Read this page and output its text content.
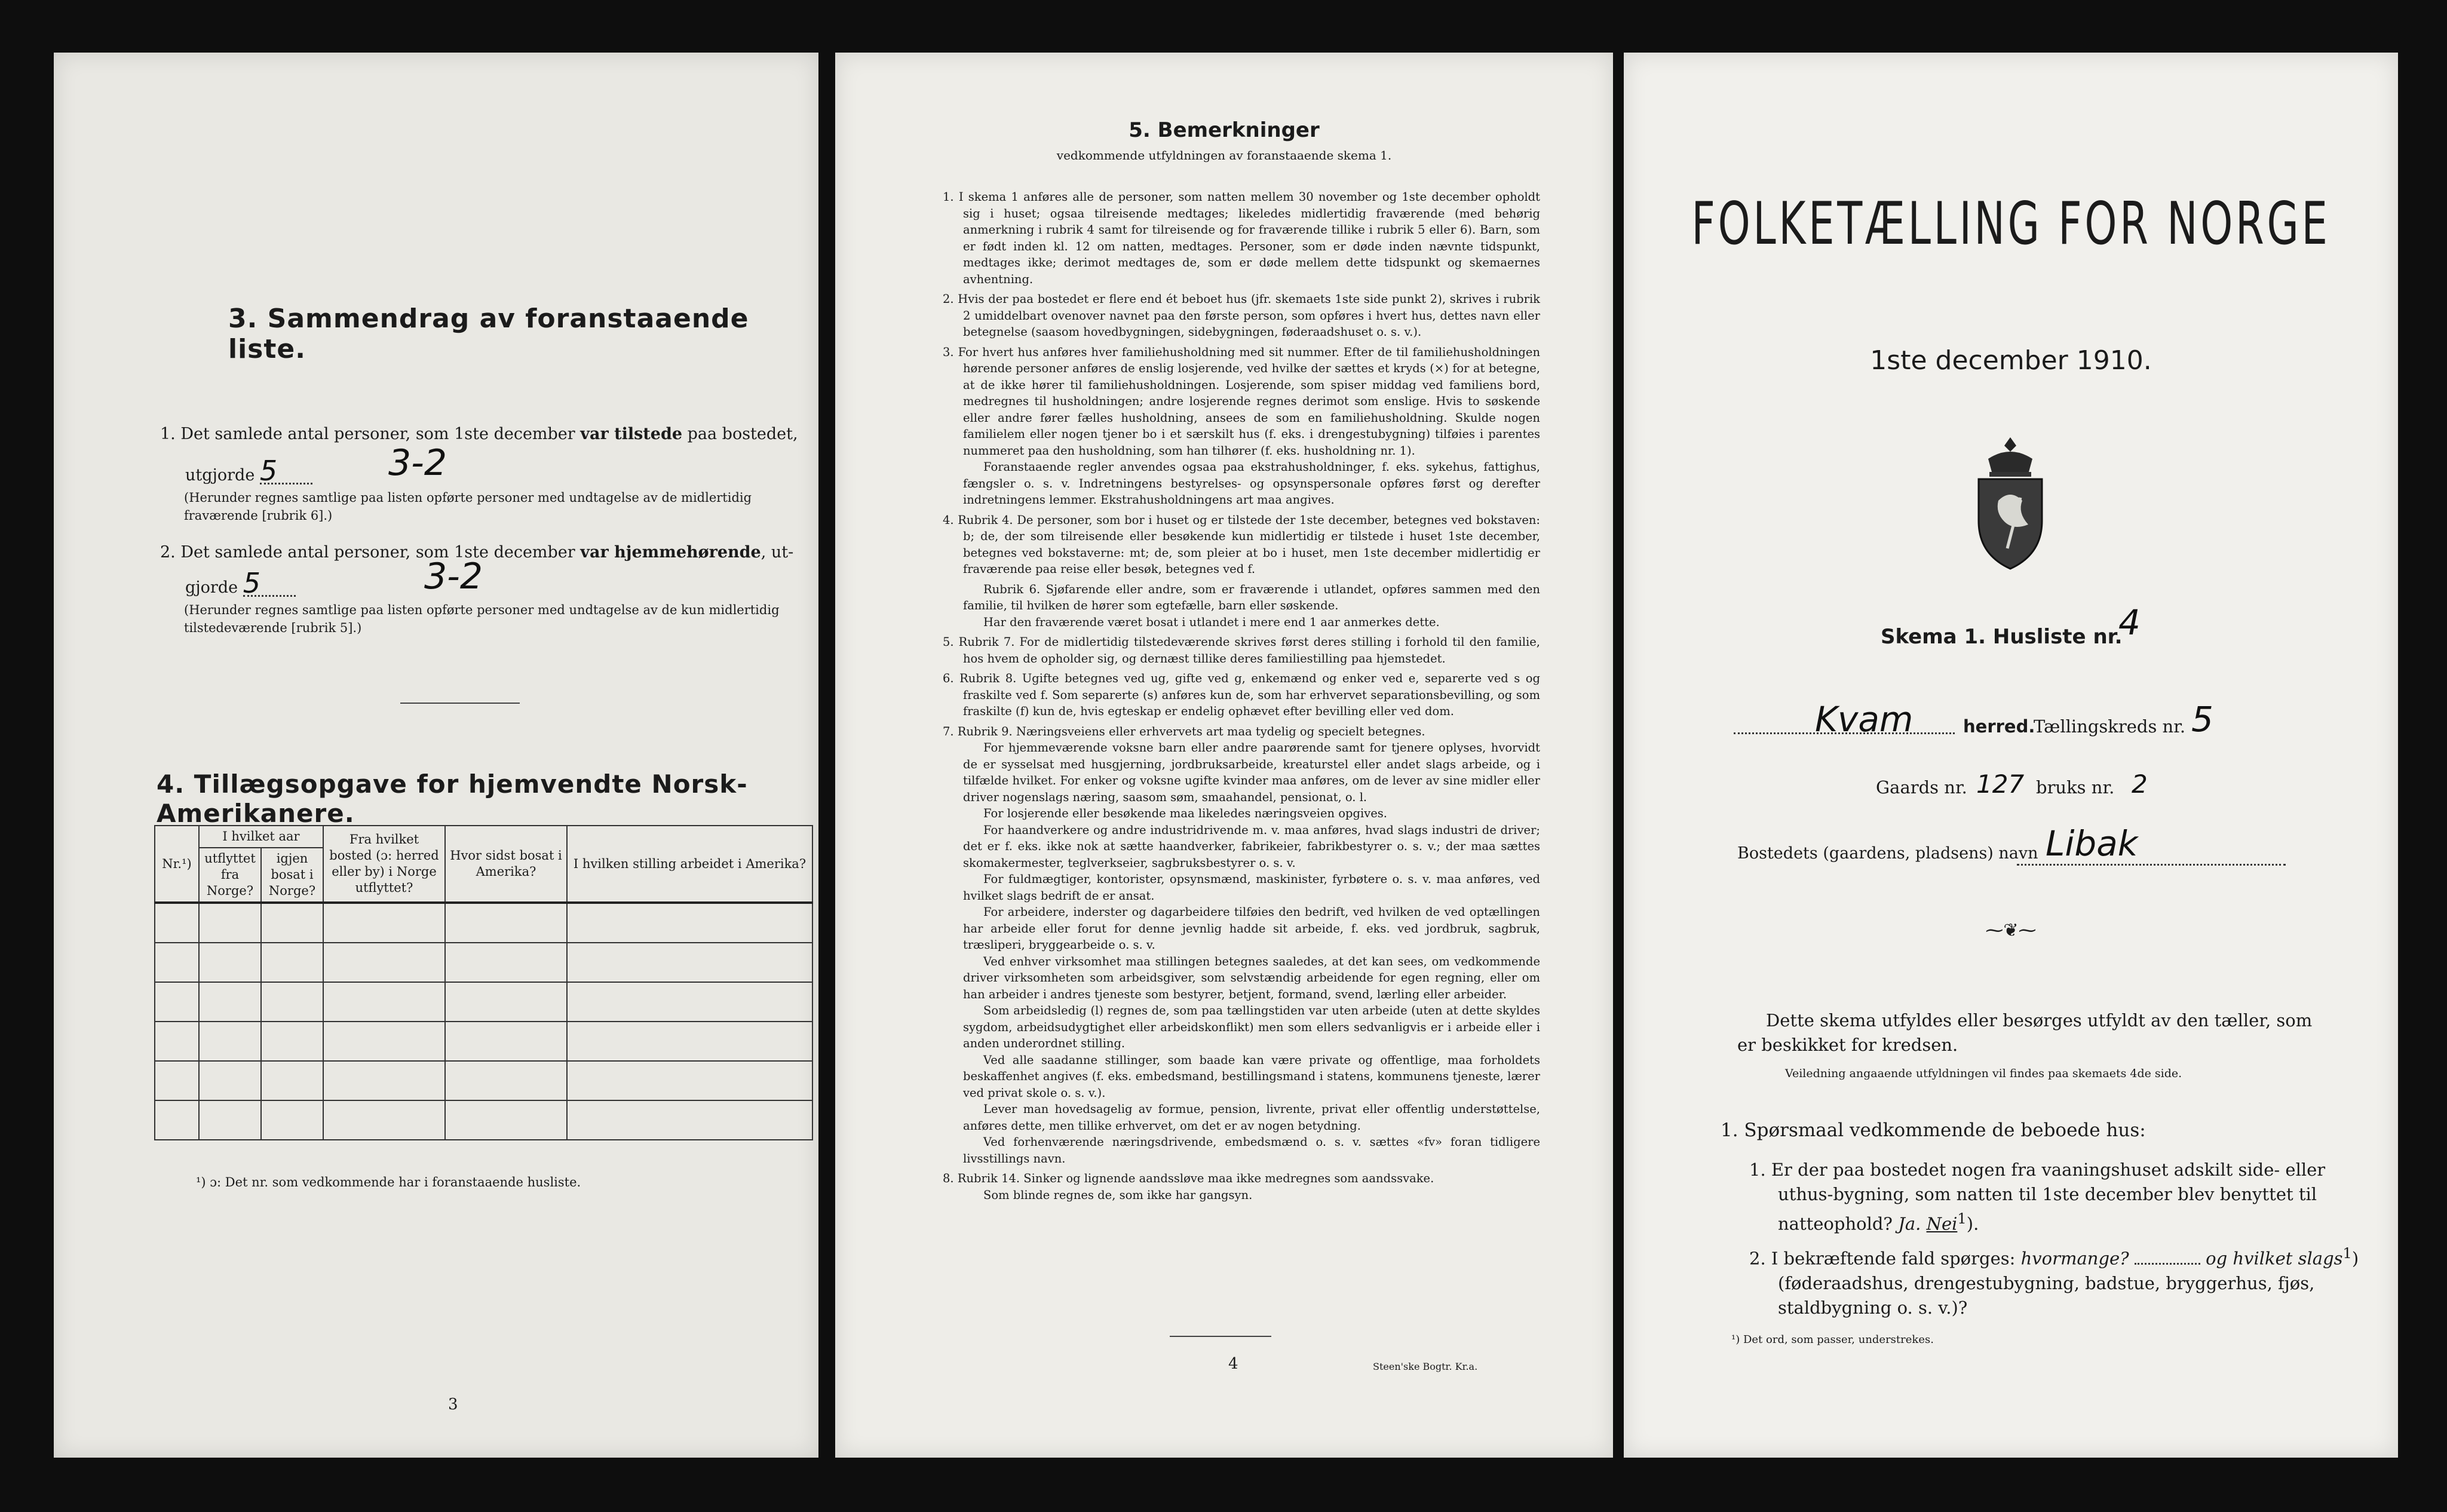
3. Sammendrag av foranstaaende liste.
1. Det samlede antal personer, som 1ste december var tilstede paa bostedet,
utgjorde 5	3-2
(Herunder regnes samtlige paa listen opførte personer med undtagelse av de midlertidig fraværende [rubrik 6].)
2. Det samlede antal personer, som 1ste december var hjemmehørende, ut-
gjorde 5	3-2
(Herunder regnes samtlige paa listen opførte personer med undtagelse av de kun midlertidig tilstedeværende [rubrik 5].)
4. Tillægsopgave for hjemvendte Norsk-Amerikanere.
Nr.¹)	I hvilket aar		Fra hvilket bosted (ɔ: herred eller by) i Norge utflyttet?	Hvor sidst bosat i Amerika?	I hvilken stilling arbeidet i Amerika?
	utflyttet fra Norge?	igjen bosat i Norge?			

¹) ɔ: Det nr. som vedkommende har i foranstaaende husliste.
3
5. Bemerkninger
vedkommende utfyldningen av foranstaaende skema 1.

1. I skema 1 anføres alle de personer, som natten mellem 30 november og 1ste december opholdt sig i huset; ogsaa tilreisende medtages; likeledes midlertidig fraværende (med behørig anmerkning i rubrik 4 samt for tilreisende og for fraværende tillike i rubrik 5 eller 6). Barn, som er født inden kl. 12 om natten, medtages. Personer, som er døde inden nævnte tidspunkt, medtages ikke; derimot medtages de, som er døde mellem dette tidspunkt og skemaernes avhentning.

2. Hvis der paa bostedet er flere end ét beboet hus (jfr. skemaets 1ste side punkt 2), skrives i rubrik 2 umiddelbart ovenover navnet paa den første person, som opføres i hvert hus, dettes navn eller betegnelse (saasom hovedbygningen, sidebygningen, føderaadshuset o. s. v.).

3. For hvert hus anføres hver familiehusholdning med sit nummer. Efter de til familiehusholdningen hørende personer anføres de enslig losjerende, ved hvilke der sættes et kryds (×) for at betegne, at de ikke hører til familiehusholdningen. Losjerende, som spiser middag ved familiens bord, medregnes til husholdningen; andre losjerende regnes derimot som enslige. Hvis to søskende eller andre fører fælles husholdning, ansees de som en familiehusholdning. Skulde nogen familielem eller nogen tjener bo i et særskilt hus (f. eks. i drengestubygning) tilføies i parentes nummeret paa den husholdning, som han tilhører (f. eks. husholdning nr. 1).

Foranstaaende regler anvendes ogsaa paa ekstrahusholdninger, f. eks. sykehus, fattighus, fængsler o. s. v. Indretningens bestyrelses- og opsynspersonale opføres først og derefter indretningens lemmer. Ekstrahusholdningens art maa angives.

4. Rubrik 4. De personer, som bor i huset og er tilstede der 1ste december, betegnes ved bokstaven: b; de, der som tilreisende eller besøkende kun midlertidig er tilstede i huset 1ste december, betegnes ved bokstaverne: mt; de, som pleier at bo i huset, men 1ste december midlertidig er fraværende paa reise eller besøk, betegnes ved f.

Rubrik 6. Sjøfarende eller andre, som er fraværende i utlandet, opføres sammen med den familie, til hvilken de hører som egtefælle, barn eller søskende.

Har den fraværende været bosat i utlandet i mere end 1 aar anmerkes dette.

5. Rubrik 7. For de midlertidig tilstedeværende skrives først deres stilling i forhold til den familie, hos hvem de opholder sig, og dernæst tillike deres familiestilling paa hjemstedet.

6. Rubrik 8. Ugifte betegnes ved ug, gifte ved g, enkemænd og enker ved e, separerte ved s og fraskilte ved f. Som separerte (s) anføres kun de, som har erhvervet separationsbevilling, og som fraskilte (f) kun de, hvis egteskap er endelig ophævet efter bevilling eller ved dom.

7. Rubrik 9. Næringsveiens eller erhvervets art maa tydelig og specielt betegnes.

For hjemmeværende voksne barn eller andre paarørende samt for tjenere oplyses, hvorvidt de er sysselsat med husgjerning, jordbruksarbeide, kreaturstel eller andet slags arbeide, og i tilfælde hvilket. For enker og voksne ugifte kvinder maa anføres, om de lever av sine midler eller driver nogenslags næring, saasom søm, smaahandel, pensionat, o. l.

For losjerende eller besøkende maa likeledes næringsveien opgives.

For haandverkere og andre industridrivende m. v. maa anføres, hvad slags industri de driver; det er f. eks. ikke nok at sætte haandverker, fabrikeier, fabrikbestyrer o. s. v.; der maa sættes skomakermester, teglverkseier, sagbruksbestyrer o. s. v.

For fuldmægtiger, kontorister, opsynsmænd, maskinister, fyrbøtere o. s. v. maa anføres, ved hvilket slags bedrift de er ansat.

For arbeidere, inderster og dagarbeidere tilføies den bedrift, ved hvilken de ved optællingen har arbeide eller forut for denne jevnlig hadde sit arbeide, f. eks. ved jordbruk, sagbruk, træsliperi, bryggearbeide o. s. v.

Ved enhver virksomhet maa stillingen betegnes saaledes, at det kan sees, om vedkommende driver virksomheten som arbeidsgiver, som selvstændig arbeidende for egen regning, eller om han arbeider i andres tjeneste som bestyrer, betjent, formand, svend, lærling eller arbeider.

Som arbeidsledig (l) regnes de, som paa tællingstiden var uten arbeide (uten at dette skyldes sygdom, arbeidsudygtighet eller arbeidskonflikt) men som ellers sedvanligvis er i arbeide eller i anden underordnet stilling.

Ved alle saadanne stillinger, som baade kan være private og offentlige, maa forholdets beskaffenhet angives (f. eks. embedsmand, bestillingsmand i statens, kommunens tjeneste, lærer ved privat skole o. s. v.).

Lever man hovedsagelig av formue, pension, livrente, privat eller offentlig understøttelse, anføres dette, men tillike erhvervet, om det er av nogen betydning.

Ved forhenværende næringsdrivende, embedsmænd o. s. v. sættes «fv» foran tidligere livsstillings navn.

8. Rubrik 14. Sinker og lignende aandssløve maa ikke medregnes som aandssvake.

Som blinde regnes de, som ikke har gangsyn.

4	Steen'ske Bogtr. Kr.a.
FOLKETÆLLING FOR NORGE
1ste december 1910.
Skema 1. Husliste nr.
4
Kvam	herred.
Tællingskreds nr. 5
Gaards nr. 127 bruks nr. 2
Bostedets (gaardens, pladsens) navn Libak
⁓❦⁓
Dette skema utfyldes eller besørges utfyldt av den tæller, som er beskikket for kredsen.
Veiledning angaaende utfyldningen vil findes paa skemaets 4de side.
1. Spørsmaal vedkommende de beboede hus:
1. Er der paa bostedet nogen fra vaaningshuset adskilt side- eller uthus-bygning, som natten til 1ste december blev benyttet til natteophold? Ja. Nei$^1$).
2. I bekræftende fald spørges: hvormange?	og hvilket slags$^1$) (føderaadshus, drengestubygning, badstue, bryggerhus, fjøs, staldbygning o. s. v.)?
¹) Det ord, som passer, understrekes.
